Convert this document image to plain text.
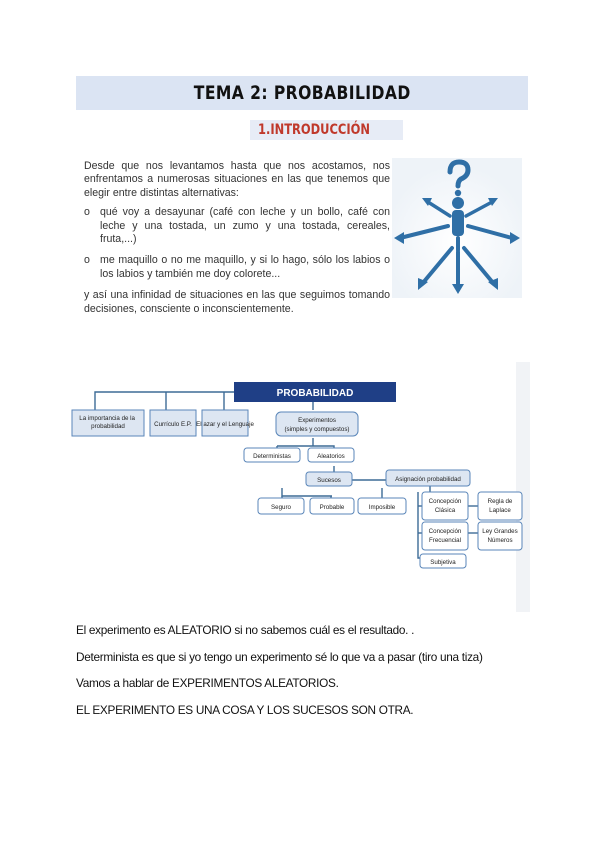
TEMA 2: PROBABILIDAD
1.INTRODUCCIÓN

Desde que nos levantamos hasta que nos acostamos, nos enfrentamos a numerosas situaciones en las que tenemos que elegir entre distintas alternativas:

o qué voy a desayunar (café con leche y un bollo, café con leche y una tostada, un zumo y una tostada, cereales, fruta,...)
o me maquillo o no me maquillo, y si lo hago, sólo los labios o los labios y también me doy colorete...

y así una infinidad de situaciones en las que seguimos tomando decisiones, consciente o inconscientemente.

PROBABILIDAD
La importancia de la probabilidad	Currículo E.P. El azar y el Lenguaje
Experimentos
(simples y compuestos)
Deterministas	Aleatorios
Sucesos	Asignación probabilidad
Seguro	Probable	Imposible
Concepción
Clásica
Regla de
Laplace
Concepción
Frecuencial
Ley Grandes
Números
Subjetiva

El experimento es ALEATORIO si no sabemos cuál es el resultado. .

Determinista es que si yo tengo un experimento sé lo que va a pasar (tiro una tiza)

Vamos a hablar de EXPERIMENTOS ALEATORIOS.

EL EXPERIMENTO ES UNA COSA Y LOS SUCESOS SON OTRA.
